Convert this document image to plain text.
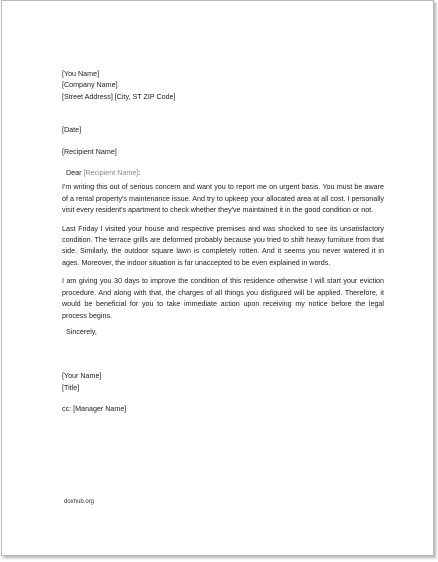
[You Name]
[Company Name]
[Street Address] [City, ST ZIP Code]
[Date]
[Recipient Name]
Dear [Recipient Name]:

I'm writing this out of serious concern and want you to report me on urgent basis. You must be aware of a rental property's maintenance issue. And try to upkeep your allocated area at all cost. I personally visit every resident's apartment to check whether they've maintained it in the good condition or not.

Last Friday I visited your house and respective premises and was shocked to see its unsatisfactory condition. The terrace grills are deformed probably because you tried to shift heavy furniture from that side. Similarly, the outdoor square lawn is completely rotten. And it seems you never watered it in ages. Moreover, the indoor situation is far unaccepted to be even explained in words.

I am giving you 30 days to improve the condition of this residence otherwise I will start your eviction procedure. And along with that, the charges of all things you disfigured will be applied. Therefore, it would be beneficial for you to take immediate action upon receiving my notice before the legal process begins.

Sincerely,
[Your Name]
[Title]
cc: [Manager Name]
doxhub.org
